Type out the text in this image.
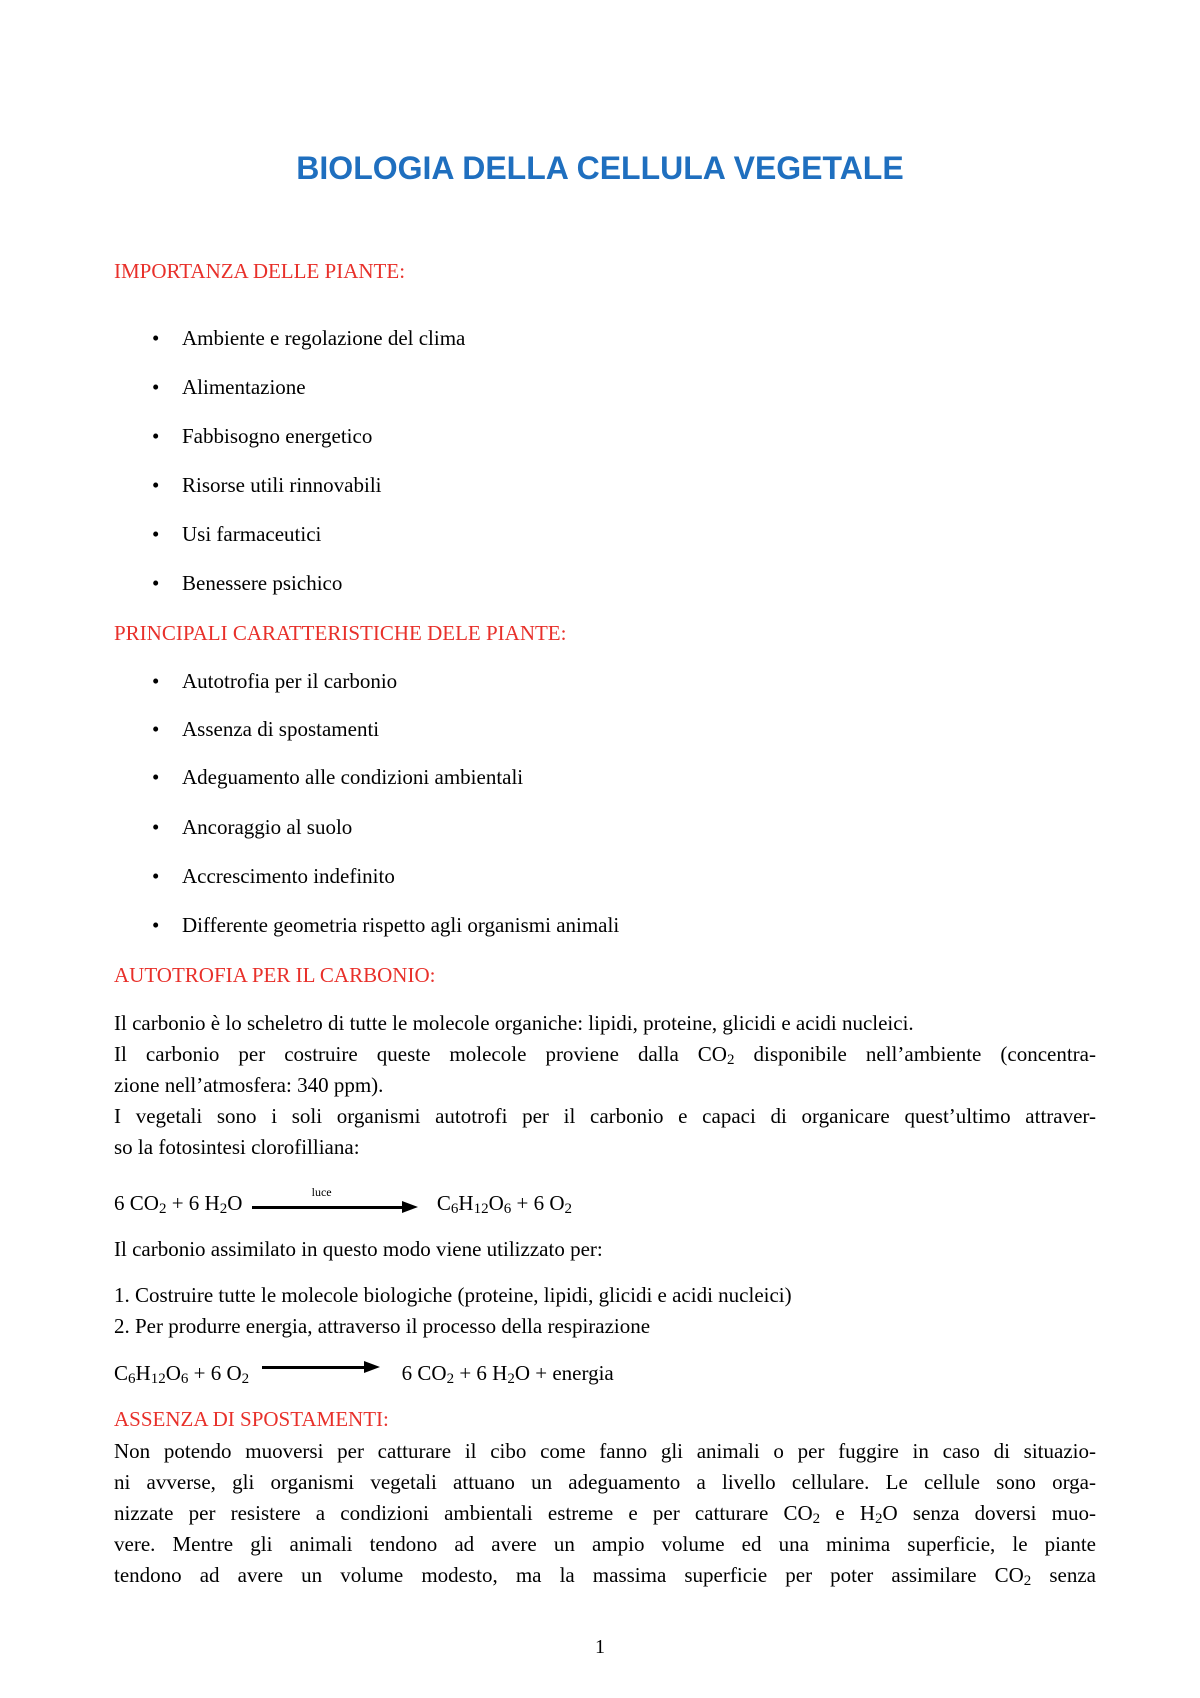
BIOLOGIA DELLA CELLULA VEGETALE
IMPORTANZA DELLE PIANTE:
• Ambiente e regolazione del clima
• Alimentazione
• Fabbisogno energetico
• Risorse utili rinnovabili
• Usi farmaceutici
• Benessere psichico
PRINCIPALI CARATTERISTICHE DELE PIANTE:
• Autotrofia per il carbonio
• Assenza di spostamenti
• Adeguamento alle condizioni ambientali
• Ancoraggio al suolo
• Accrescimento indefinito
• Differente geometria rispetto agli organismi animali
AUTOTROFIA PER IL CARBONIO:
Il carbonio è lo scheletro di tutte le molecole organiche: lipidi, proteine, glicidi e acidi nucleici.
Il carbonio per costruire queste molecole proviene dalla $CO_2$ disponibile nell’ambiente (concentra-
zione nell’atmosfera: 340 ppm).
I vegetali sono i soli organismi autotrofi per il carbonio e capaci di organicare quest’ultimo attraver-
so la fotosintesi clorofilliana:
6 $CO_2 + 6$ $H_2O$	luce	$C_6H_{12}O_6 + 6$ $O_2$
Il carbonio assimilato in questo modo viene utilizzato per:
1. Costruire tutte le molecole biologiche (proteine, lipidi, glicidi e acidi nucleici)
2. Per produrre energia, attraverso il processo della respirazione
$C_6H_{12}O_6 + 6$ $O_2$	6 $CO_2 + 6$ $H_2O$ + energia
ASSENZA DI SPOSTAMENTI:
Non potendo muoversi per catturare il cibo come fanno gli animali o per fuggire in caso di situazio-
ni avverse, gli organismi vegetali attuano un adeguamento a livello cellulare. Le cellule sono orga-
nizzate per resistere a condizioni ambientali estreme e per catturare $CO_2$ e $H_2O$ senza doversi muo-
vere. Mentre gli animali tendono ad avere un ampio volume ed una minima superficie, le piante
tendono ad avere un volume modesto, ma la massima superficie per poter assimilare $CO_2$ senza
1
